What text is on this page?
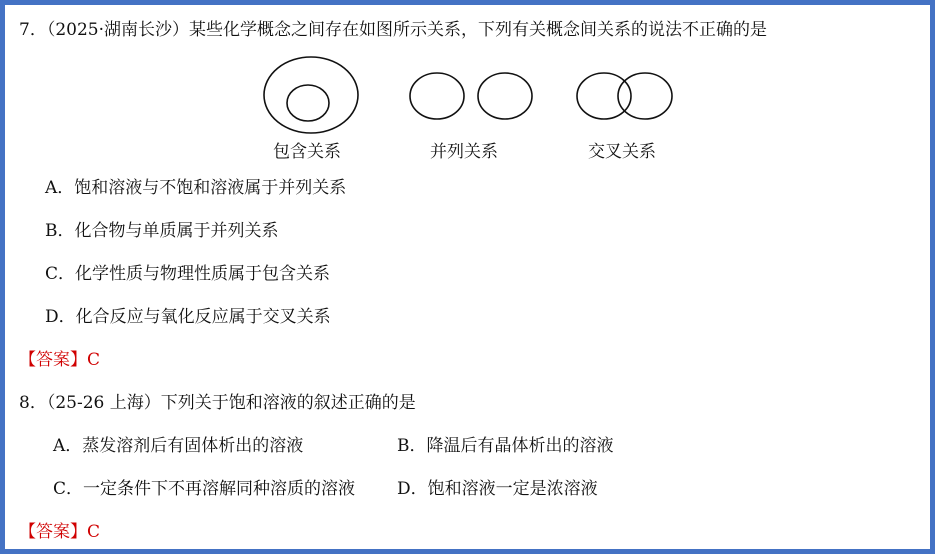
7．（2025·湖南长沙）某些化学概念之间存在如图所示关系，下列有关概念间关系的说法不正确的是
包含关系	并列关系	交叉关系
A．饱和溶液与不饱和溶液属于并列关系
B．化合物与单质属于并列关系
C．化学性质与物理性质属于包含关系
D．化合反应与氧化反应属于交叉关系
【答案】C
8．（25-26 上海）下列关于饱和溶液的叙述正确的是
A．蒸发溶剂后有固体析出的溶液	B．降温后有晶体析出的溶液
C．一定条件下不再溶解同种溶质的溶液 D．饱和溶液一定是浓溶液
【答案】C
